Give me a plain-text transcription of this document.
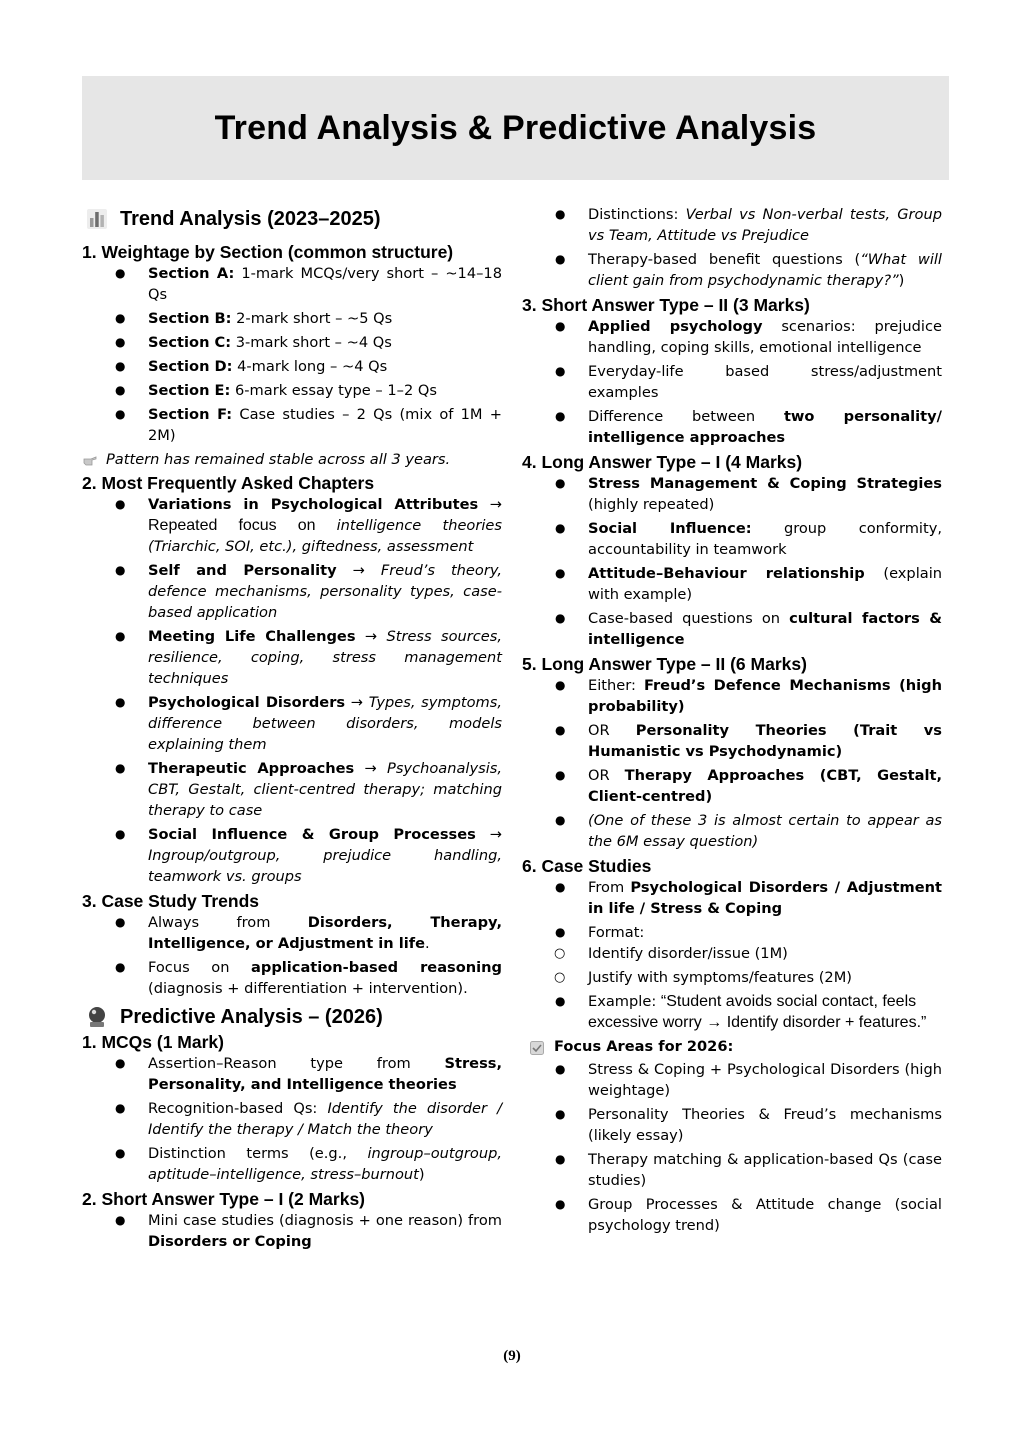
Trend Analysis & Predictive Analysis
Trend Analysis (2023–2025)
1. Weightage by Section (common structure)
● Section A: 1-mark MCQs/very short – ~14–18 Qs
● Section B: 2-mark short – ~5 Qs
● Section C: 3-mark short – ~4 Qs
● Section D: 4-mark long – ~4 Qs
● Section E: 6-mark essay type – 1–2 Qs
● Section F: Case studies – 2 Qs (mix of 1M + 2M)
Pattern has remained stable across all 3 years.
2. Most Frequently Asked Chapters
● Variations in Psychological Attributes → Repeated focus on intelligence theories (Triarchic, SOI, etc.), giftedness, assessment
● Self and Personality → Freud’s theory, defence mechanisms, personality types, case-based application
● Meeting Life Challenges → Stress sources, resilience, coping, stress management techniques
● Psychological Disorders → Types, symptoms, difference between disorders, models explaining them
● Therapeutic Approaches → Psychoanalysis, CBT, Gestalt, client-centred therapy; matching therapy to case
● Social Influence & Group Processes → Ingroup/outgroup, prejudice handling, teamwork vs. groups
3. Case Study Trends
● Always from Disorders, Therapy, Intelligence, or Adjustment in life.
● Focus on application-based reasoning (diagnosis + differentiation + intervention).
Predictive Analysis – (2026)
1. MCQs (1 Mark)
● Assertion–Reason type from Stress, Personality, and Intelligence theories
● Recognition-based Qs: Identify the disorder / Identify the therapy / Match the theory
● Distinction terms (e.g., ingroup–outgroup, aptitude–intelligence, stress–burnout)
2. Short Answer Type – I (2 Marks)
● Mini case studies (diagnosis + one reason) from Disorders or Coping
● Distinctions: Verbal vs Non-verbal tests, Group vs Team, Attitude vs Prejudice
● Therapy-based benefit questions (“What will client gain from psychodynamic therapy?”)
3. Short Answer Type – II (3 Marks)
● Applied psychology scenarios: prejudice handling, coping skills, emotional intelligence
● Everyday-life based stress/adjustment examples
● Difference between two personality/ intelligence approaches
4. Long Answer Type – I (4 Marks)
● Stress Management & Coping Strategies (highly repeated)
● Social Influence: group conformity, accountability in teamwork
● Attitude–Behaviour relationship (explain with example)
● Case-based questions on cultural factors & intelligence
5. Long Answer Type – II (6 Marks)
● Either: Freud’s Defence Mechanisms (high probability)
● OR Personality Theories (Trait vs Humanistic vs Psychodynamic)
● OR Therapy Approaches (CBT, Gestalt, Client-centred)
● (One of these 3 is almost certain to appear as the 6M essay question)
6. Case Studies
● From Psychological Disorders / Adjustment in life / Stress & Coping
● Format:
○ Identify disorder/issue (1M)
○ Justify with symptoms/features (2M)
● Example: “Student avoids social contact, feels excessive worry → Identify disorder + features.”
Focus Areas for 2026:
● Stress & Coping + Psychological Disorders (high weightage)
● Personality Theories & Freud’s mechanisms (likely essay)
● Therapy matching & application-based Qs (case studies)
● Group Processes & Attitude change (social psychology trend)
(9)
